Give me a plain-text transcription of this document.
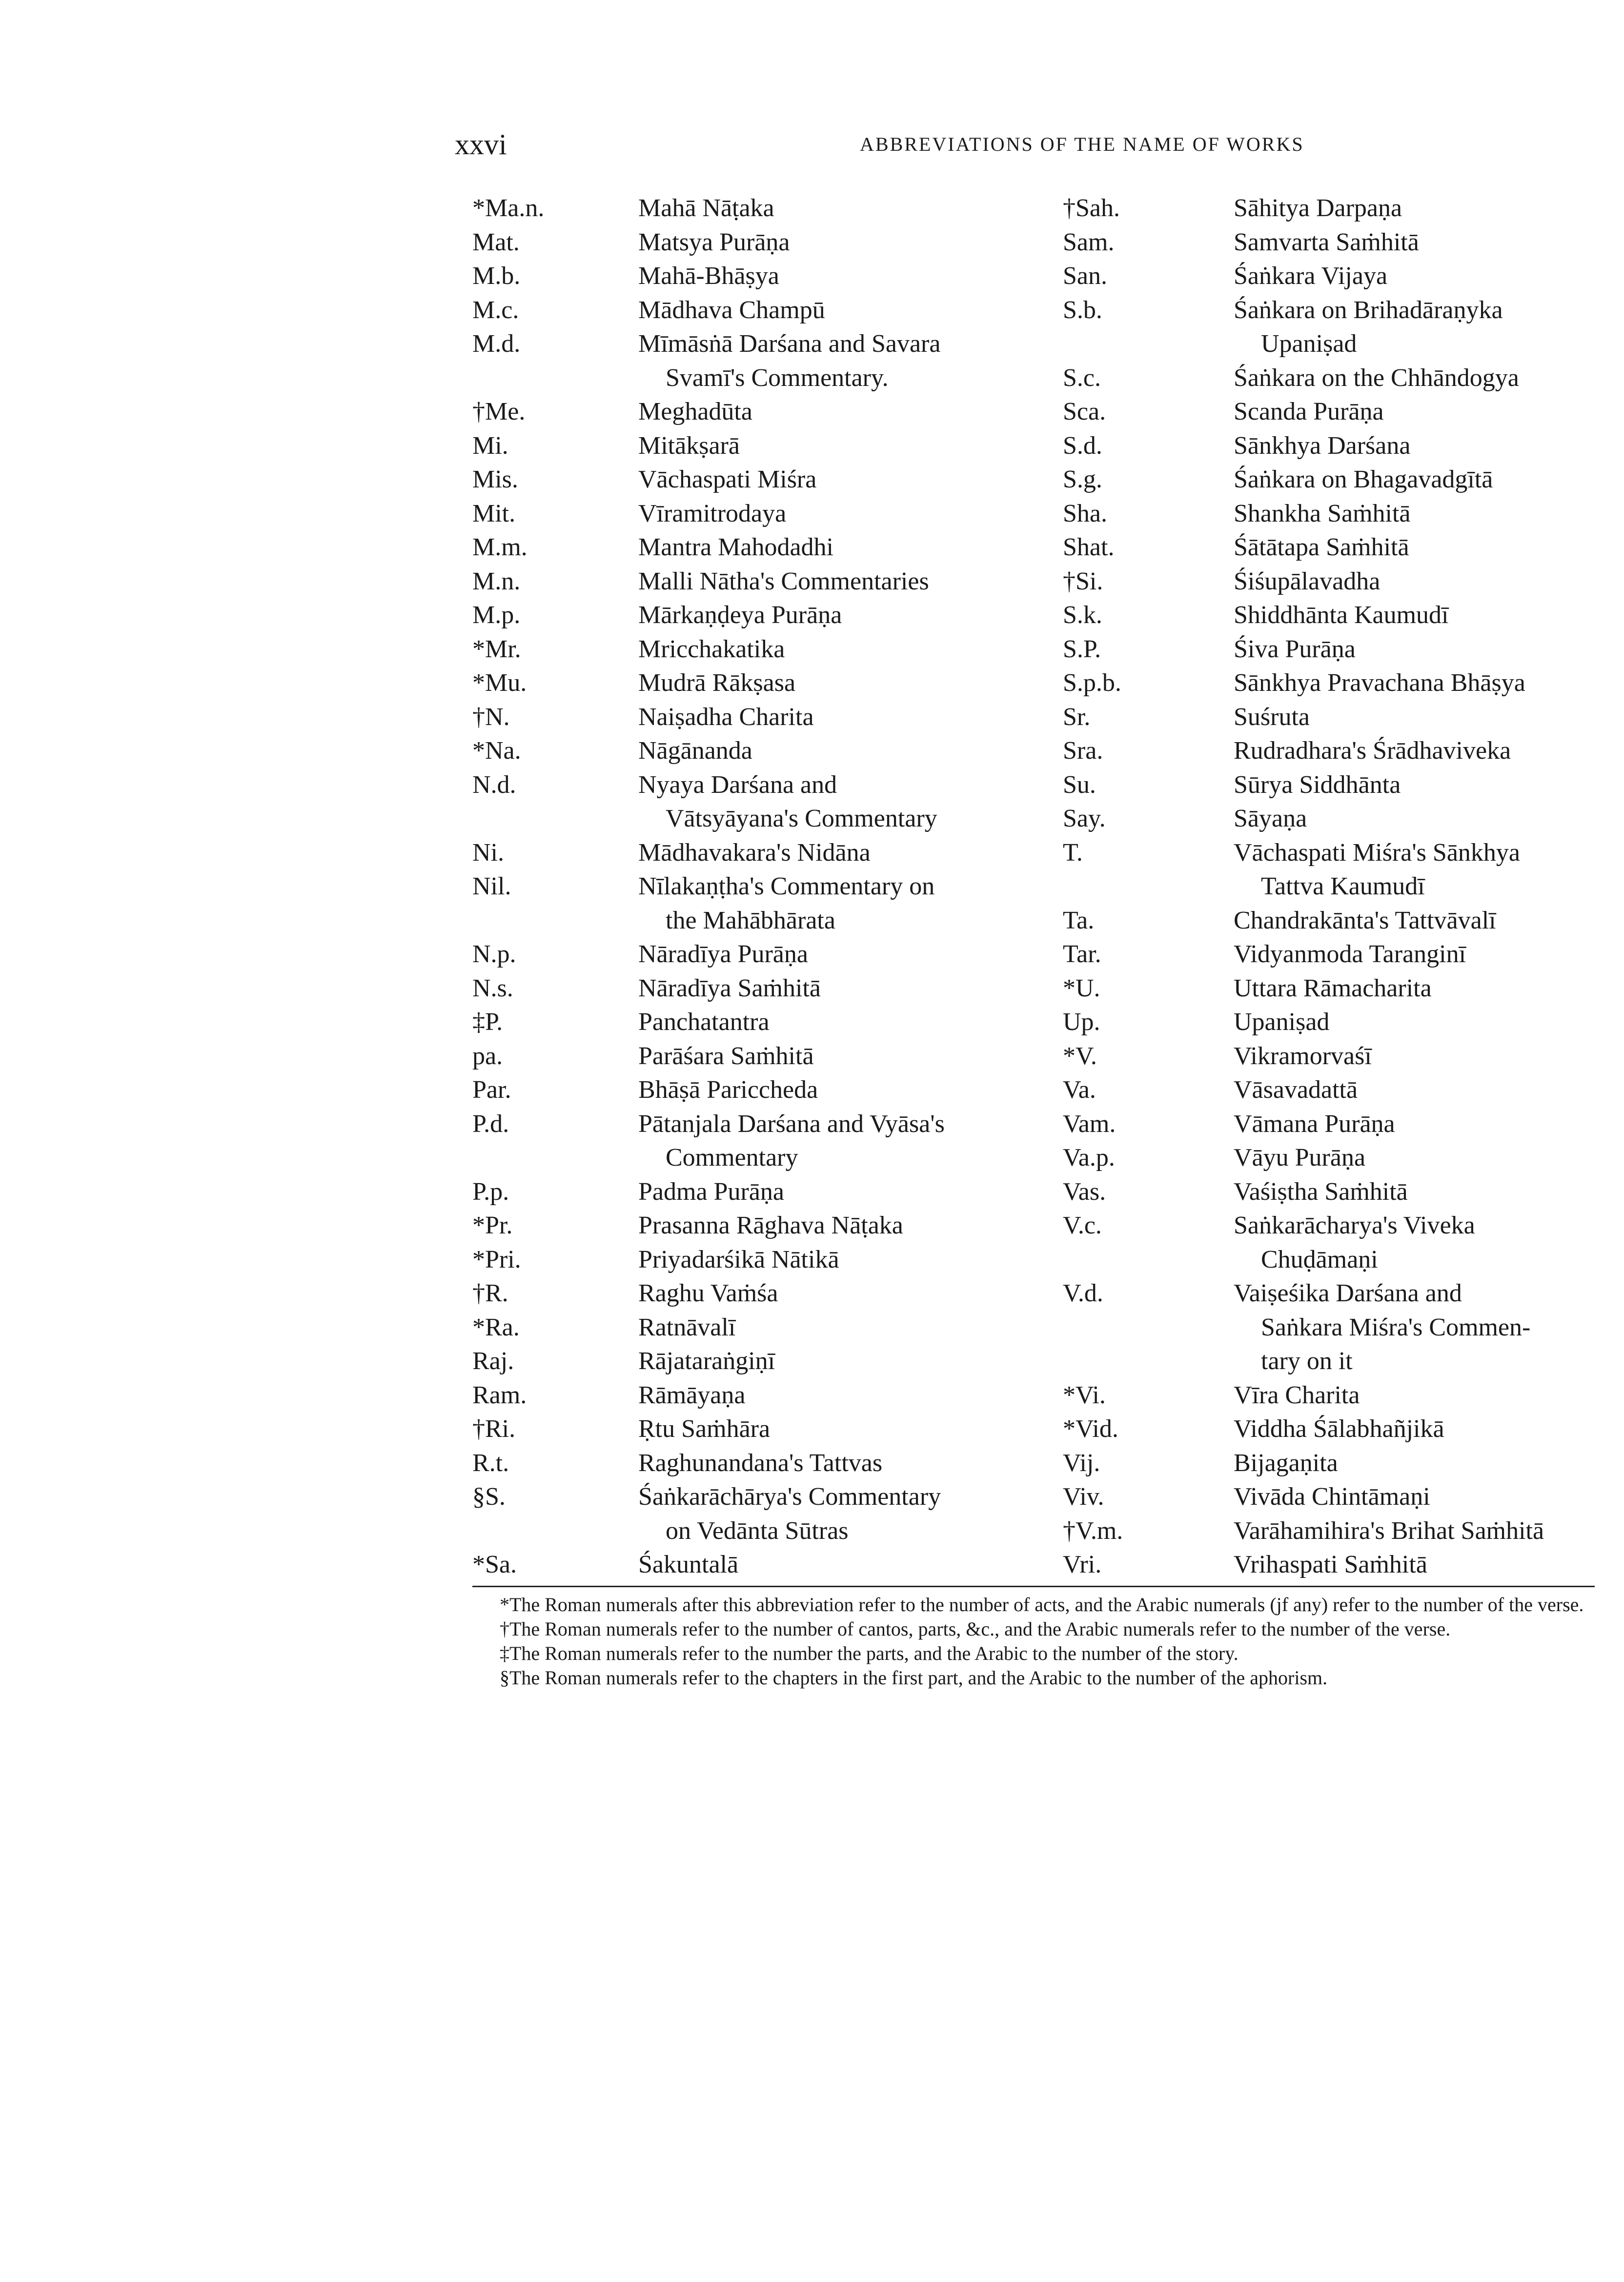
xxvi	ABBREVIATIONS OF THE NAME OF WORKS
*Ma.n.	Mahā Nāṭaka
Mat.	Matsya Purāṇa
M.b.	Mahā-Bhāṣya
M.c.	Mādhava Champū
M.d.	Mīmāsṅā Darśana and Savara
Svamī's Commentary.
†Me.	Meghadūta
Mi.	Mitākṣarā
Mis.	Vāchaspati Miśra
Mit.	Vīramitrodaya
M.m.	Mantra Mahodadhi
M.n.	Malli Nātha's Commentaries
M.p.	Mārkaṇḍeya Purāṇa
*Mr.	Mricchakatika
*Mu.	Mudrā Rākṣasa
†N.	Naiṣadha Charita
*Na.	Nāgānanda
N.d.	Nyaya Darśana and
Vātsyāyana's Commentary
Ni.	Mādhavakara's Nidāna
Nil.	Nīlakaṇṭha's Commentary on
the Mahābhārata
N.p.	Nāradīya Purāṇa
N.s.	Nāradīya Saṁhitā
‡P.	Panchatantra
pa.	Parāśara Saṁhitā
Par.	Bhāṣā Pariccheda
P.d.	Pātanjala Darśana and Vyāsa's
Commentary
P.p.	Padma Purāṇa
*Pr.	Prasanna Rāghava Nāṭaka
*Pri.	Priyadarśikā Nātikā
†R.	Raghu Vaṁśa
*Ra.	Ratnāvalī
Raj.	Rājataraṅgiṇī
Ram.	Rāmāyaṇa
†Ri.	Ṛtu Saṁhāra
R.t.	Raghunandana's Tattvas
§S.	Śaṅkarāchārya's Commentary
on Vedānta Sūtras
*Sa.	Śakuntalā
†Sah.	Sāhitya Darpaṇa
Sam.	Samvarta Saṁhitā
San.	Śaṅkara Vijaya
S.b.	Śaṅkara on Brihadāraṇyka
Upaniṣad
S.c.	Śaṅkara on the Chhāndogya
Sca.	Scanda Purāṇa
S.d.	Sānkhya Darśana
S.g.	Śaṅkara on Bhagavadgītā
Sha.	Shankha Saṁhitā
Shat.	Śātātapa Saṁhitā
†Si.	Śiśupālavadha
S.k.	Shiddhānta Kaumudī
S.P.	Śiva Purāṇa
S.p.b.	Sānkhya Pravachana Bhāṣya
Sr.	Suśruta
Sra.	Rudradhara's Śrādhaviveka
Su.	Sūrya Siddhānta
Say.	Sāyaṇa
T.	Vāchaspati Miśra's Sānkhya
Tattva Kaumudī
Ta.	Chandrakānta's Tattvāvalī
Tar.	Vidyanmoda Taranginī
*U.	Uttara Rāmacharita
Up.	Upaniṣad
*V.	Vikramorvaśī
Va.	Vāsavadattā
Vam.	Vāmana Purāṇa
Va.p.	Vāyu Purāṇa
Vas.	Vaśiṣtha Saṁhitā
V.c.	Saṅkarācharya's Viveka
Chuḍāmaṇi
V.d.	Vaiṣeśika Darśana and
Saṅkara Miśra's Commen-
tary on it
*Vi.	Vīra Charita
*Vid.	Viddha Śālabhañjikā
Vij.	Bijagaṇita
Viv.	Vivāda Chintāmaṇi
†V.m.	Varāhamihira's Brihat Saṁhitā
Vri.	Vrihaspati Saṁhitā

*The Roman numerals after this abbreviation refer to the number of acts, and the Arabic numerals (jf any) refer to the number of the verse.

†The Roman numerals refer to the number of cantos, parts, &c., and the Arabic numerals refer to the number of the verse.

‡The Roman numerals refer to the number the parts, and the Arabic to the number of the story.

§The Roman numerals refer to the chapters in the first part, and the Arabic to the number of the aphorism.
